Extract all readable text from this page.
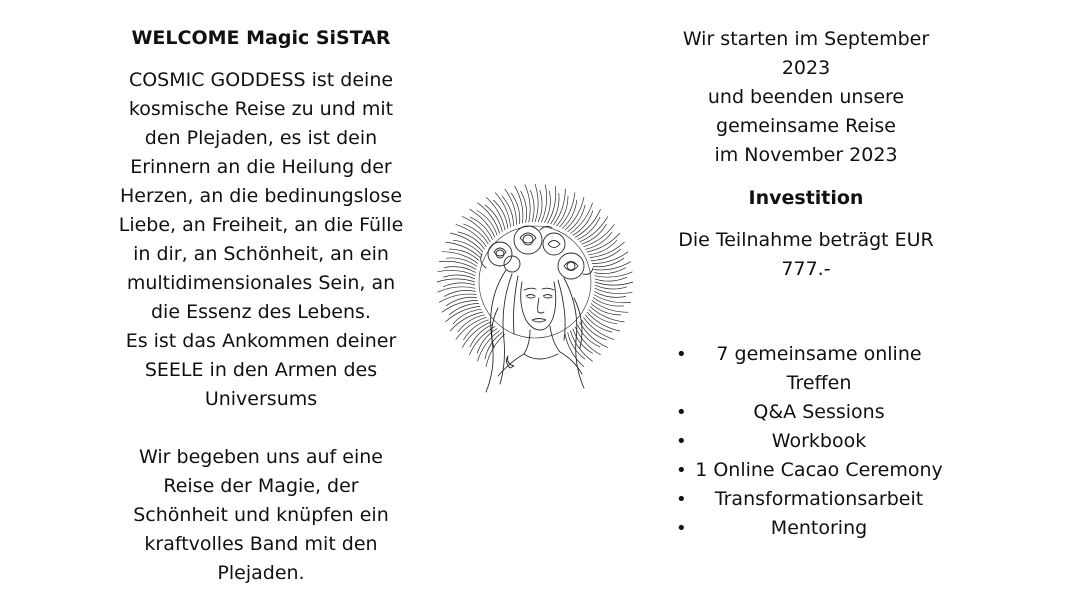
WELCOME Magic SiSTAR
COSMIC GODDESS ist deine kosmische Reise zu und mit den Plejaden, es ist dein Erinnern an die Heilung der Herzen, an die bedinungslose Liebe, an Freiheit, an die Fülle in dir, an Schönheit, an ein multidimensionales Sein, an die Essenz des Lebens.
Es ist das Ankommen deiner SEELE in den Armen des Universums
Wir begeben uns auf eine Reise der Magie, der Schönheit und knüpfen ein kraftvolles Band mit den Plejaden.
Wir starten im September 2023
und beenden unsere gemeinsame Reise
im November 2023
Investition
Die Teilnahme beträgt EUR 777.-
• 7 gemeinsame online Treffen
•	Q&A Sessions
•	Workbook
• 1 Online Cacao Ceremony
• Transformationsarbeit
•	Mentoring
